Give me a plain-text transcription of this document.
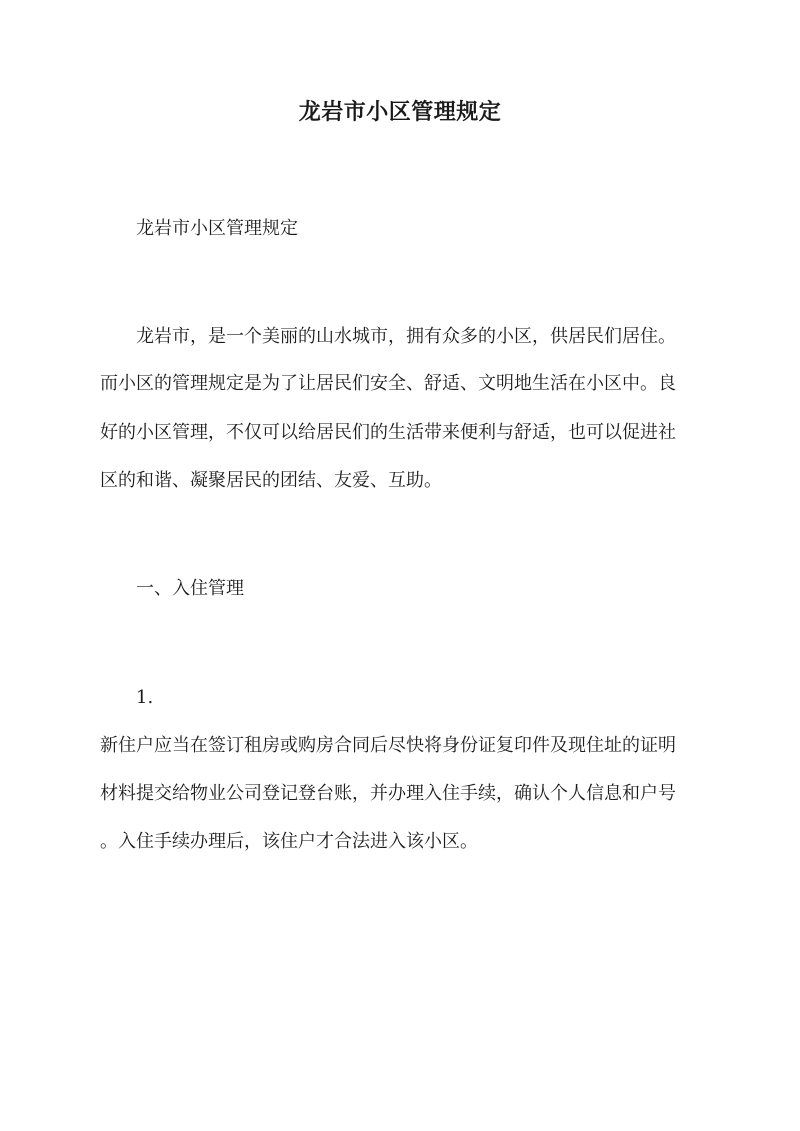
龙岩市小区管理规定

龙岩市小区管理规定

龙岩市，是一个美丽的山水城市，拥有众多的小区，供居民们居住。

而小区的管理规定是为了让居民们安全、舒适、文明地生活在小区中。良

好的小区管理，不仅可以给居民们的生活带来便利与舒适，也可以促进社

区的和谐、凝聚居民的团结、友爱、互助。

一、入住管理

1.

新住户应当在签订租房或购房合同后尽快将身份证复印件及现住址的证明

材料提交给物业公司登记登台账，并办理入住手续，确认个人信息和户号

。入住手续办理后，该住户才合法进入该小区。
